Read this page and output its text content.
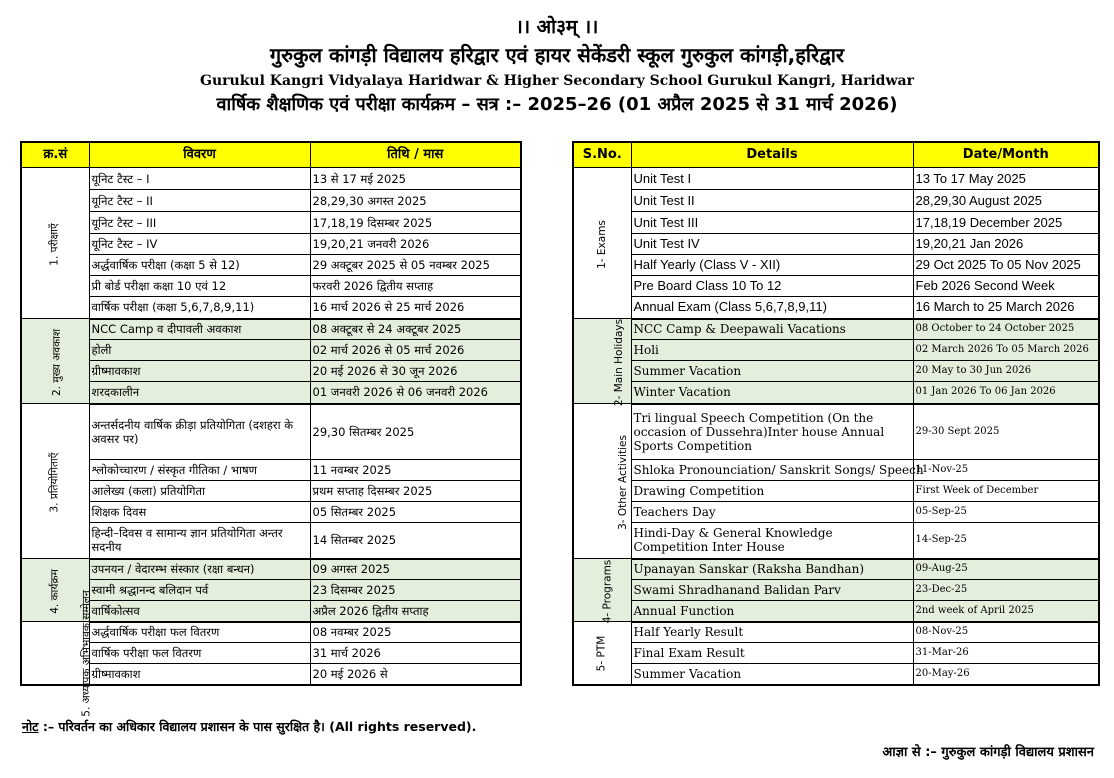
।। ओ३म् ।।
गुरुकुल कांगड़ी विद्यालय हरिद्वार एवं हायर सेकेंडरी स्कूल गुरुकुल कांगड़ी,हरिद्वार
Gurukul Kangri Vidyalaya Haridwar & Higher Secondary School Gurukul Kangri, Haridwar
वार्षिक शैक्षणिक एवं परीक्षा कार्यक्रम – सत्र :– 2025–26 (01 अप्रैल 2025 से 31 मार्च 2026)
क्र.सं	विवरण	तिथि / मास
1. परीक्षाएँ	यूनिट टैस्ट – I	13 से 17 मई 2025
	यूनिट टैस्ट – II	28,29,30 अगस्त 2025
	यूनिट टैस्ट – III	17,18,19 दिसम्बर 2025
	यूनिट टैस्ट – IV	19,20,21 जनवरी 2026
	अर्द्धवार्षिक परीक्षा (कक्षा 5 से 12)	29 अक्टूबर 2025 से 05 नवम्बर 2025
	प्री बोर्ड परीक्षा कक्षा 10 एवं 12	फरवरी 2026 द्वितीय सप्ताह
	वार्षिक परीक्षा (कक्षा 5,6,7,8,9,11)	16 मार्च 2026 से 25 मार्च 2026
2. मुख्य अवकाश	NCC Camp व दीपावली अवकाश	08 अक्टूबर से 24 अक्टूबर 2025
	होली	02 मार्च 2026 से 05 मार्च 2026
	ग्रीष्मावकाश	20 मई 2026 से 30 जून 2026
	शरदकालीन	01 जनवरी 2026 से 06 जनवरी 2026
3. प्रतियोगिताएँ	अन्तर्सदनीय वार्षिक क्रीड़ा प्रतियोगिता (दशहरा के अवसर पर)	29,30 सितम्बर 2025
	श्लोकोच्चारण / संस्कृत गीतिका / भाषण	11 नवम्बर 2025
	आलेख्य (कला) प्रतियोगिता	प्रथम सप्ताह दिसम्बर 2025
	शिक्षक दिवस	05 सितम्बर 2025
	हिन्दी–दिवस व सामान्य ज्ञान प्रतियोगिता अन्तर सदनीय	14 सितम्बर 2025
4. कार्यक्रम	उपनयन / वेदारम्भ संस्कार (रक्षा बन्धन)	09 अगस्त 2025
	स्वामी श्रद्धानन्द बलिदान पर्व	23 दिसम्बर 2025
	वार्षिकोत्सव	अप्रैल 2026 द्वितीय सप्ताह
5. अध्यापक अभिभावक सम्मेलन	अर्द्धवार्षिक परीक्षा फल वितरण	08 नवम्बर 2025
	वार्षिक परीक्षा फल वितरण	31 मार्च 2026
	ग्रीष्मावकाश	20 मई 2026 से
S.No.	Details	Date/Month
1- Exams	Unit Test I	13 To 17 May 2025
	Unit Test II	28,29,30 August 2025
	Unit Test III	17,18,19 December 2025
	Unit Test IV	19,20,21 Jan 2026
	Half Yearly (Class V - XII)	29 Oct 2025 To 05 Nov 2025
	Pre Board Class 10 To 12	Feb 2026 Second Week
	Annual Exam (Class 5,6,7,8,9,11)	16 March to 25 March 2026
2- Main Holidays	NCC Camp & Deepawali Vacations	08 October to 24 October 2025
	Holi	02 March 2026 To 05 March 2026
	Summer Vacation	20 May to 30 Jun 2026
	Winter Vacation	01 Jan 2026 To 06 Jan 2026
3- Other Activities	Tri lingual Speech Competition (On the occasion of Dussehra)Inter house Annual Sports Competition	29-30 Sept 2025
	Shloka Pronounciation/ Sanskrit Songs/ Speech	11-Nov-25
	Drawing Competition	First Week of December
	Teachers Day	05-Sep-25
	Hindi-Day & General Knowledge Competition Inter House	14-Sep-25
4- Programs	Upanayan Sanskar (Raksha Bandhan)	09-Aug-25
	Swami Shradhanand Balidan Parv	23-Dec-25
	Annual Function	2nd week of April 2025
5- PTM	Half Yearly Result	08-Nov-25
	Final Exam Result	31-Mar-26
	Summer Vacation	20-May-26
नोट :– परिवर्तन का अधिकार विद्यालय प्रशासन के पास सुरक्षित है। (All rights reserved).
आज्ञा से :– गुरुकुल कांगड़ी विद्यालय प्रशासन
